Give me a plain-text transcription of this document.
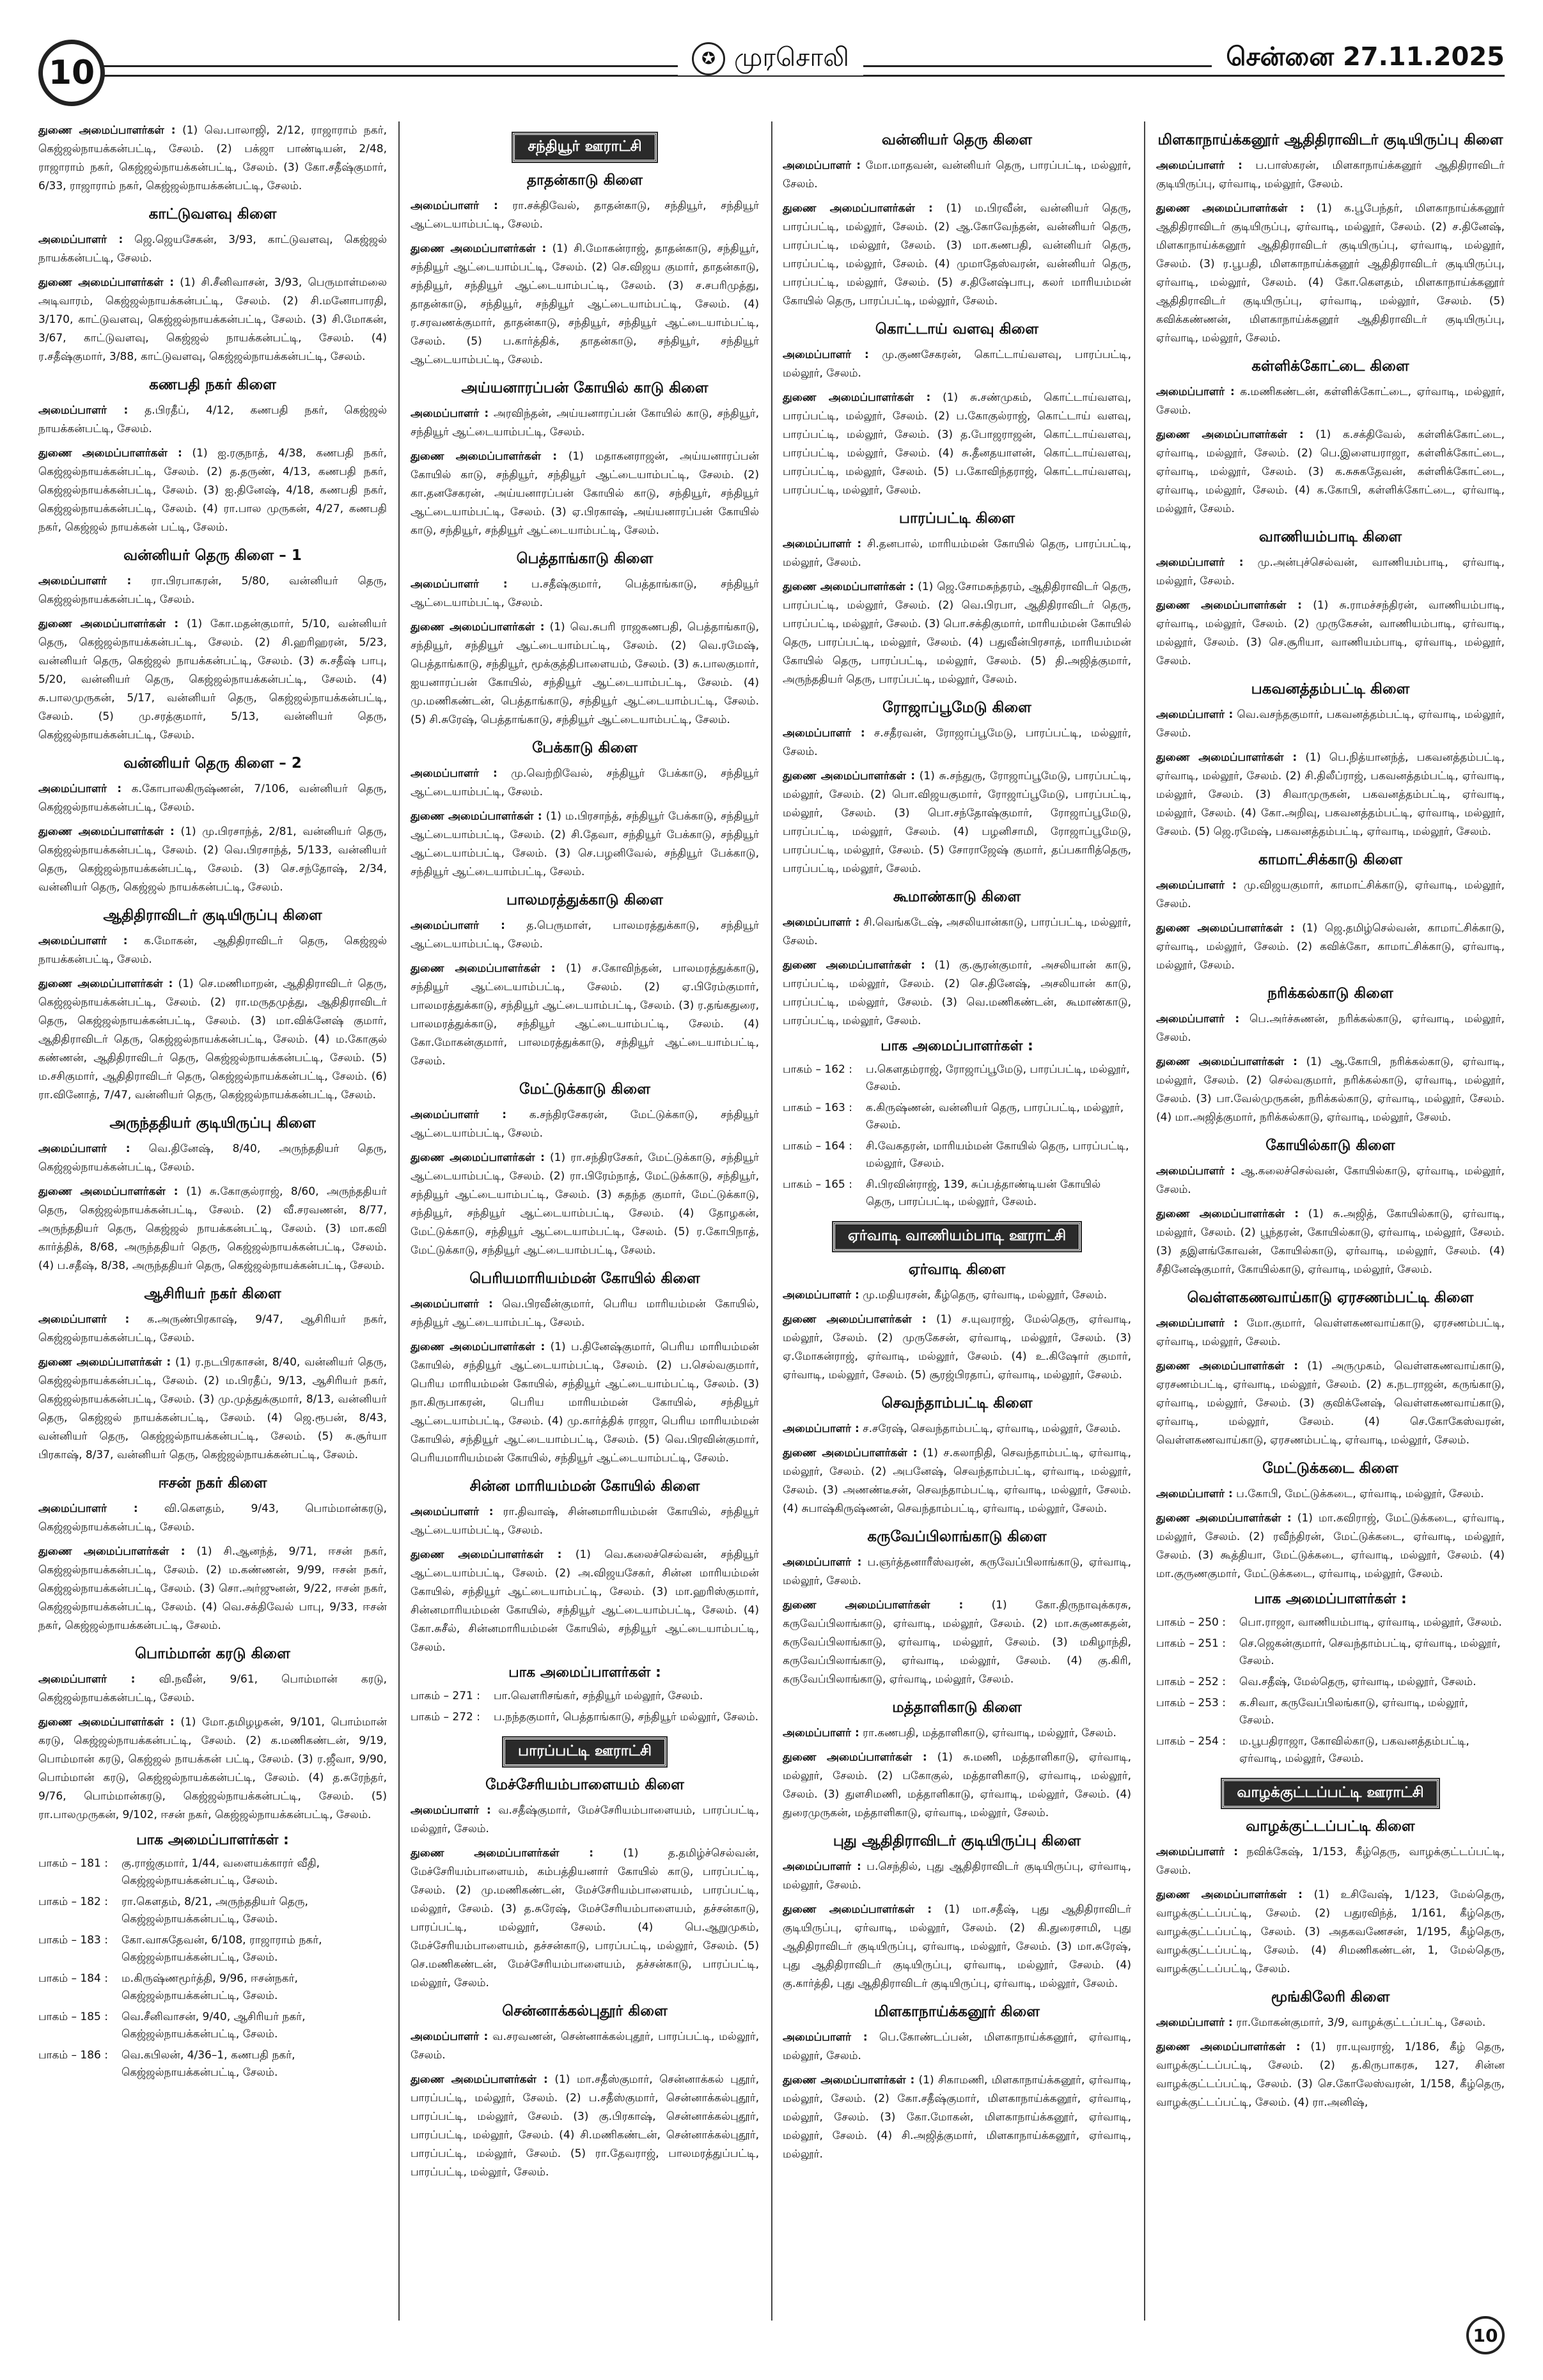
10	✪ முரசொலி	சென்னை 27.11.2025

துணை அமைப்பாளர்கள் : (1) வெ.பாலாஜி, 2/12, ராஜாராம் நகர், கெஜ்ஜல்நாயக்கன்பட்டி, சேலம். (2) பக்ஜா பாண்டியன், 2/48, ராஜாராம் நகர், கெஜ்ஜல்நாயக்கன்பட்டி, சேலம். (3) கோ.சதீஷ்குமார், 6/33, ராஜாராம் நகர், கெஜ்ஜல்நாயக்கன்பட்டி, சேலம்.

காட்டுவளவு கிளை

அமைப்பாளர் : ஜெ.ஜெயசேகன், 3/93, காட்டுவளவு, கெஜ்ஜல் நாயக்கன்பட்டி, சேலம்.

துணை அமைப்பாளர்கள் : (1) சி.சீனிவாசன், 3/93, பெருமாள்மலை அடிவாரம், கெஜ்ஜல்நாயக்கன்பட்டி, சேலம். (2) சி.மனோபாரதி, 3/170, காட்டுவளவு, கெஜ்ஜல்நாயக்கன்பட்டி, சேலம். (3) சி.மோகன், 3/67, காட்டுவளவு, கெஜ்ஜல் நாயக்கன்பட்டி, சேலம். (4) ர.சதீஷ்குமார், 3/88, காட்டுவளவு, கெஜ்ஜல்நாயக்கன்பட்டி, சேலம்.

கணபதி நகர் கிளை

அமைப்பாளர் : த.பிரதீப், 4/12, கணபதி நகர், கெஜ்ஜல் நாயக்கன்பட்டி, சேலம்.

துணை அமைப்பாளர்கள் : (1) ஐ.ரகுநாத், 4/38, கணபதி நகர், கெஜ்ஜல்நாயக்கன்பட்டி, சேலம். (2) த.தருண், 4/13, கணபதி நகர், கெஜ்ஜல்நாயக்கன்பட்டி, சேலம். (3) ஐ.தினேஷ், 4/18, கணபதி நகர், கெஜ்ஜல்நாயக்கன்பட்டி, சேலம். (4) ரா.பால முருகன், 4/27, கணபதி நகர், கெஜ்ஜல் நாயக்கன் பட்டி, சேலம்.

வன்னியர் தெரு கிளை – 1

அமைப்பாளர் : ரா.பிரபாகரன், 5/80, வன்னியர் தெரு, கெஜ்ஜல்நாயக்கன்பட்டி, சேலம்.

துணை அமைப்பாளர்கள் : (1) கோ.மதன்குமார், 5/10, வன்னியர் தெரு, கெஜ்ஜல்நாயக்கன்பட்டி, சேலம். (2) சி.ஹரிஹரன், 5/23, வன்னியர் தெரு, கெஜ்ஜல் நாயக்கன்பட்டி, சேலம். (3) சு.சதீஷ் பாபு, 5/20, வன்னியர் தெரு, கெஜ்ஜல்நாயக்கன்பட்டி, சேலம். (4) சு.பாலமுருகன், 5/17, வன்னியர் தெரு, கெஜ்ஜல்நாயக்கன்பட்டி, சேலம். (5) மு.சரத்குமார், 5/13, வன்னியர் தெரு, கெஜ்ஜல்நாயக்கன்பட்டி, சேலம்.

வன்னியர் தெரு கிளை – 2

அமைப்பாளர் : க.கோபாலகிருஷ்ணன், 7/106, வன்னியர் தெரு, கெஜ்ஜல்நாயக்கன்பட்டி, சேலம்.

துணை அமைப்பாளர்கள் : (1) மு.பிரசாந்த், 2/81, வன்னியர் தெரு, கெஜ்ஜல்நாயக்கன்பட்டி, சேலம். (2) வெ.பிரசாந்த், 5/133, வன்னியர் தெரு, கெஜ்ஜல்நாயக்கன்பட்டி, சேலம். (3) செ.சந்தோஷ், 2/34, வன்னியர் தெரு, கெஜ்ஜல் நாயக்கன்பட்டி, சேலம்.

ஆதிதிராவிடர் குடியிருப்பு கிளை

அமைப்பாளர் : க.மோகன், ஆதிதிராவிடர் தெரு, கெஜ்ஜல் நாயக்கன்பட்டி, சேலம்.

துணை அமைப்பாளர்கள் : (1) செ.மணிமாறன், ஆதிதிராவிடர் தெரு, கெஜ்ஜல்நாயக்கன்பட்டி, சேலம். (2) ரா.மருதமுத்து, ஆதிதிராவிடர் தெரு, கெஜ்ஜல்நாயக்கன்பட்டி, சேலம். (3) மா.விக்னேஷ் குமார், ஆதிதிராவிடர் தெரு, கெஜ்ஜல்நாயக்கன்பட்டி, சேலம். (4) ம.கோகுல் கண்ணன், ஆதிதிராவிடர் தெரு, கெஜ்ஜல்நாயக்கன்பட்டி, சேலம். (5) ம.சசிகுமார், ஆதிதிராவிடர் தெரு, கெஜ்ஜல்நாயக்கன்பட்டி, சேலம். (6) ரா.வினோத், 7/47, வன்னியர் தெரு, கெஜ்ஜல்நாயக்கன்பட்டி, சேலம்.

அருந்ததியர் குடியிருப்பு கிளை

அமைப்பாளர் : வெ.தினேஷ், 8/40, அருந்ததியர் தெரு, கெஜ்ஜல்நாயக்கன்பட்டி, சேலம்.

துணை அமைப்பாளர்கள் : (1) சு.கோகுல்ராஜ், 8/60, அருந்ததியர் தெரு, கெஜ்ஜல்நாயக்கன்பட்டி, சேலம். (2) வீ.சரவணன், 8/77, அருந்ததியர் தெரு, கெஜ்ஜல் நாயக்கன்பட்டி, சேலம். (3) மா.கவி கார்த்திக், 8/68, அருந்ததியர் தெரு, கெஜ்ஜல்நாயக்கன்பட்டி, சேலம். (4) ப.சதீஷ், 8/38, அருந்ததியர் தெரு, கெஜ்ஜல்நாயக்கன்பட்டி, சேலம்.

ஆசிரியர் நகர் கிளை

அமைப்பாளர் : க.அருண்பிரகாஷ், 9/47, ஆசிரியர் நகர், கெஜ்ஜல்நாயக்கன்பட்டி, சேலம்.

துணை அமைப்பாளர்கள் : (1) ர.நடபிரகாசன், 8/40, வன்னியர் தெரு, கெஜ்ஜல்நாயக்கன்பட்டி, சேலம். (2) ம.பிரதீப், 9/13, ஆசிரியர் நகர், கெஜ்ஜல்நாயக்கன்பட்டி, சேலம். (3) மு.முத்துக்குமார், 8/13, வன்னியர் தெரு, கெஜ்ஜல் நாயக்கன்பட்டி, சேலம். (4) ஜெ.ரூபன், 8/43, வன்னியர் தெரு, கெஜ்ஜல்நாயக்கன்பட்டி, சேலம். (5) சு.சூர்யா பிரகாஷ், 8/37, வன்னியர் தெரு, கெஜ்ஜல்நாயக்கன்பட்டி, சேலம்.

ஈசன் நகர் கிளை

அமைப்பாளர் : வி.கௌதம், 9/43, பொம்மான்கரடு, கெஜ்ஜல்நாயக்கன்பட்டி, சேலம்.

துணை அமைப்பாளர்கள் : (1) சி.ஆனந்த், 9/71, ஈசன் நகர், கெஜ்ஜல்நாயக்கன்பட்டி, சேலம். (2) ம.கண்ணன், 9/99, ஈசன் நகர், கெஜ்ஜல்நாயக்கன்பட்டி, சேலம். (3) சொ.அர்ஜுனன், 9/22, ஈசன் நகர், கெஜ்ஜல்நாயக்கன்பட்டி, சேலம். (4) வெ.சக்திவேல் பாபு, 9/33, ஈசன் நகர், கெஜ்ஜல்நாயக்கன்பட்டி, சேலம்.

பொம்மான் கரடு கிளை

அமைப்பாளர் : வி.நவீன், 9/61, பொம்மான் கரடு, கெஜ்ஜல்நாயக்கன்பட்டி, சேலம்.

துணை அமைப்பாளர்கள் : (1) மோ.தமிழழகன், 9/101, பொம்மான் கரடு, கெஜ்ஜல்நாயக்கன்பட்டி, சேலம். (2) க.மணிகண்டன், 9/19, பொம்மான் கரடு, கெஜ்ஜல் நாயக்கன் பட்டி, சேலம். (3) ர.ஜீவா, 9/90, பொம்மான் கரடு, கெஜ்ஜல்நாயக்கன்பட்டி, சேலம். (4) த.சுரேந்தர், 9/76, பொம்மான்கரடு, கெஜ்ஜல்நாயக்கன்பட்டி, சேலம். (5) ரா.பாலமுருகன், 9/102, ஈசன் நகர், கெஜ்ஜல்நாயக்கன்பட்டி, சேலம்.

பாக அமைப்பாளர்கள் :
பாகம் – 181 :	கு.ராஜ்குமார், 1/44, வளையக்காரர் வீதி, கெஜ்ஜல்நாயக்கன்பட்டி, சேலம்.
பாகம் – 182 :	ரா.கௌதம், 8/21, அருந்ததியர் தெரு, கெஜ்ஜல்நாயக்கன்பட்டி, சேலம்.
பாகம் – 183 :	கோ.வாசுதேவன், 6/108, ராஜாராம் நகர், கெஜ்ஜல்நாயக்கன்பட்டி, சேலம்.
பாகம் – 184 :	ம.கிருஷ்ணமூர்த்தி, 9/96, ஈசன்நகர், கெஜ்ஜல்நாயக்கன்பட்டி, சேலம்.
பாகம் – 185 :	வெ.சீனிவாசன், 9/40, ஆசிரியர் நகர், கெஜ்ஜல்நாயக்கன்பட்டி, சேலம்.
பாகம் – 186 :	வெ.கபிலன், 4/36–1, கணபதி நகர், கெஜ்ஜல்நாயக்கன்பட்டி, சேலம்.
சந்தியூர் ஊராட்சி
தாதன்காடு கிளை

அமைப்பாளர் : ரா.சக்திவேல், தாதன்காடு, சந்தியூர், சந்தியூர் ஆட்டையாம்பட்டி, சேலம்.

துணை அமைப்பாளர்கள் : (1) சி.மோகன்ராஜ், தாதன்காடு, சந்தியூர், சந்தியூர் ஆட்டையாம்பட்டி, சேலம். (2) செ.விஜய குமார், தாதன்காடு, சந்தியூர், சந்தியூர் ஆட்டையாம்பட்டி, சேலம். (3) ச.சபரிமுத்து, தாதன்காடு, சந்தியூர், சந்தியூர் ஆட்டையாம்பட்டி, சேலம். (4) ர.சரவணக்குமார், தாதன்காடு, சந்தியூர், சந்தியூர் ஆட்டையாம்பட்டி, சேலம். (5) ப.கார்த்திக், தாதன்காடு, சந்தியூர், சந்தியூர் ஆட்டையாம்பட்டி, சேலம்.

அய்யனாரப்பன் கோயில் காடு கிளை

அமைப்பாளர் : அரவிந்தன், அய்யனாரப்பன் கோயில் காடு, சந்தியூர், சந்தியூர் ஆட்டையாம்பட்டி, சேலம்.

துணை அமைப்பாளர்கள் : (1) மதாகனராஜன், அய்யனாரப்பன் கோயில் காடு, சந்தியூர், சந்தியூர் ஆட்டையாம்பட்டி, சேலம். (2) கா.தனசேகரன், அய்யனாரப்பன் கோயில் காடு, சந்தியூர், சந்தியூர் ஆட்டையாம்பட்டி, சேலம். (3) ஏ.பிரகாஷ், அய்யனாரப்பன் கோயில் காடு, சந்தியூர், சந்தியூர் ஆட்டையாம்பட்டி, சேலம்.

பெத்தாங்காடு கிளை

அமைப்பாளர் : ப.சதீஷ்குமார், பெத்தாங்காடு, சந்தியூர் ஆட்டையாம்பட்டி, சேலம்.

துணை அமைப்பாளர்கள் : (1) வெ.சுபரி ராஜகணபதி, பெத்தாங்காடு, சந்தியூர், சந்தியூர் ஆட்டையாம்பட்டி, சேலம். (2) வெ.ரமேஷ், பெத்தாங்காடு, சந்தியூர், மூக்குத்திபாளையம், சேலம். (3) சு.பாலகுமார், ஐயனாரப்பன் கோயில், சந்தியூர் ஆட்டையாம்பட்டி, சேலம். (4) மு.மணிகண்டன், பெத்தாங்காடு, சந்தியூர் ஆட்டையாம்பட்டி, சேலம். (5) சி.சுரேஷ், பெத்தாங்காடு, சந்தியூர் ஆட்டையாம்பட்டி, சேலம்.

பேக்காடு கிளை

அமைப்பாளர் : மு.வெற்றிவேல், சந்தியூர் பேக்காடு, சந்தியூர் ஆட்டையாம்பட்டி, சேலம்.

துணை அமைப்பாளர்கள் : (1) ம.பிரசாந்த், சந்தியூர் பேக்காடு, சந்தியூர் ஆட்டையாம்பட்டி, சேலம். (2) சி.தேவா, சந்தியூர் பேக்காடு, சந்தியூர் ஆட்டையாம்பட்டி, சேலம். (3) செ.பழனிவேல், சந்தியூர் பேக்காடு, சந்தியூர் ஆட்டையாம்பட்டி, சேலம்.

பாலமரத்துக்காடு கிளை

அமைப்பாளர் : த.பெருமாள், பாலமரத்துக்காடு, சந்தியூர் ஆட்டையாம்பட்டி, சேலம்.

துணை அமைப்பாளர்கள் : (1) ச.கோவிந்தன், பாலமரத்துக்காடு, சந்தியூர் ஆட்டையாம்பட்டி, சேலம். (2) ஏ.பிரேம்குமார், பாலமரத்துக்காடு, சந்தியூர் ஆட்டையாம்பட்டி, சேலம். (3) ர.தங்கதுரை, பாலமரத்துக்காடு, சந்தியூர் ஆட்டையாம்பட்டி, சேலம். (4) கோ.மோகன்குமார், பாலமரத்துக்காடு, சந்தியூர் ஆட்டையாம்பட்டி, சேலம்.

மேட்டுக்காடு கிளை

அமைப்பாளர் : க.சந்திரசேகரன், மேட்டுக்காடு, சந்தியூர் ஆட்டையாம்பட்டி, சேலம்.

துணை அமைப்பாளர்கள் : (1) ரா.சந்திரசேகர், மேட்டுக்காடு, சந்தியூர் ஆட்டையாம்பட்டி, சேலம். (2) ரா.பிரேம்நாத், மேட்டுக்காடு, சந்தியூர், சந்தியூர் ஆட்டையாம்பட்டி, சேலம். (3) சுதந்த குமார், மேட்டுக்காடு, சந்தியூர், சந்தியூர் ஆட்டையாம்பட்டி, சேலம். (4) தோழகன், மேட்டுக்காடு, சந்தியூர் ஆட்டையாம்பட்டி, சேலம். (5) ர.கோபிநாத், மேட்டுக்காடு, சந்தியூர் ஆட்டையாம்பட்டி, சேலம்.

பெரியமாரியம்மன் கோயில் கிளை

அமைப்பாளர் : வெ.பிரவீன்குமார், பெரிய மாரியம்மன் கோயில், சந்தியூர் ஆட்டையாம்பட்டி, சேலம்.

துணை அமைப்பாளர்கள் : (1) ப.தினேஷ்குமார், பெரிய மாரியம்மன் கோயில், சந்தியூர் ஆட்டையாம்பட்டி, சேலம். (2) ப.செல்வகுமார், பெரிய மாரியம்மன் கோயில், சந்தியூர் ஆட்டையாம்பட்டி, சேலம். (3) நா.கிருபாகரன், பெரிய மாரியம்மன் கோயில், சந்தியூர் ஆட்டையாம்பட்டி, சேலம். (4) மு.கார்த்திக் ராஜா, பெரிய மாரியம்மன் கோயில், சந்தியூர் ஆட்டையாம்பட்டி, சேலம். (5) வெ.பிரவின்குமார், பெரியமாரியம்மன் கோயில், சந்தியூர் ஆட்டையாம்பட்டி, சேலம்.

சின்ன மாரியம்மன் கோயில் கிளை

அமைப்பாளர் : ரா.திவாஷ், சின்னமாரியம்மன் கோயில், சந்தியூர் ஆட்டையாம்பட்டி, சேலம்.

துணை அமைப்பாளர்கள் : (1) வெ.கலைச்செல்வன், சந்தியூர் ஆட்டையாம்பட்டி, சேலம். (2) அ.விஜயசேகர், சின்ன மாரியம்மன் கோயில், சந்தியூர் ஆட்டையாம்பட்டி, சேலம். (3) மா.ஹரிஸ்குமார், சின்னமாரியம்மன் கோயில், சந்தியூர் ஆட்டையாம்பட்டி, சேலம். (4) கோ.சுசீல், சின்னமாரியம்மன் கோயில், சந்தியூர் ஆட்டையாம்பட்டி, சேலம்.

பாக அமைப்பாளர்கள் :
பாகம் – 271 :	பா.வெளரிசங்கர், சந்தியூர் மல்லூர், சேலம்.
பாகம் – 272 :	ப.நந்தகுமார், பெத்தாங்காடு, சந்தியூர் மல்லூர், சேலம்.
பாரப்பட்டி ஊராட்சி
மேச்சேரியம்பாளையம் கிளை

அமைப்பாளர் : வ.சதீஷ்குமார், மேச்சேரியம்பாளையம், பாரப்பட்டி, மல்லூர், சேலம்.

துணை அமைப்பாளர்கள் : (1) த.தமிழ்ச்செல்வன், மேச்சேரியம்பாளையம், கம்பத்தியனார் கோயில் காடு, பாரப்பட்டி, சேலம். (2) மு.மணிகண்டன், மேச்சேரியம்பாளையம், பாரப்பட்டி, மல்லூர், சேலம். (3) த.சுரேஷ், மேச்சேரியம்பாளையம், தச்சன்காடு, பாரப்பட்டி, மல்லூர், சேலம். (4) பெ.ஆறுமுகம், மேச்சேரியம்பாளையம், தச்சன்காடு, பாரப்பட்டி, மல்லூர், சேலம். (5) செ.மணிகண்டன், மேச்சேரியம்பாளையம், தச்சன்காடு, பாரப்பட்டி, மல்லூர், சேலம்.

சென்னாக்கல்புதூர் கிளை

அமைப்பாளர் : வ.சரவணன், சென்னாக்கல்புதூர், பாரப்பட்டி, மல்லூர், சேலம்.

துணை அமைப்பாளர்கள் : (1) மா.சதீஸ்குமார், சென்னாக்கல் புதூர், பாரப்பட்டி, மல்லூர், சேலம். (2) ப.சதீஸ்குமார், சென்னாக்கல்புதூர், பாரப்பட்டி, மல்லூர், சேலம். (3) கு.பிரகாஷ், சென்னாக்கல்புதூர், பாரப்பட்டி, மல்லூர், சேலம். (4) சி.மணிகண்டன், சென்னாக்கல்புதூர், பாரப்பட்டி, மல்லூர், சேலம். (5) ரா.தேவராஜ், பாலமரத்துப்பட்டி, பாரப்பட்டி, மல்லூர், சேலம்.

வன்னியர் தெரு கிளை

அமைப்பாளர் : மோ.மாதவன், வன்னியர் தெரு, பாரப்பட்டி, மல்லூர், சேலம்.

துணை அமைப்பாளர்கள் : (1) ம.பிரவீன், வன்னியர் தெரு, பாரப்பட்டி, மல்லூர், சேலம். (2) ஆ.கோவேந்தன், வன்னியர் தெரு, பாரப்பட்டி, மல்லூர், சேலம். (3) மா.கணபதி, வன்னியர் தெரு, பாரப்பட்டி, மல்லூர், சேலம். (4) முமாதேஸ்வரன், வன்னியர் தெரு, பாரப்பட்டி, மல்லூர், சேலம். (5) ச.தினேஷ்பாபு, கலர் மாரியம்மன் கோயில் தெரு, பாரப்பட்டி, மல்லூர், சேலம்.

கொட்டாய் வளவு கிளை

அமைப்பாளர் : மு.குணசேகரன், கொட்டாய்வளவு, பாரப்பட்டி, மல்லூர், சேலம்.

துணை அமைப்பாளர்கள் : (1) சு.சண்முகம், கொட்டாய்வளவு, பாரப்பட்டி, மல்லூர், சேலம். (2) ப.கோகுல்ராஜ், கொட்டாய் வளவு, பாரப்பட்டி, மல்லூர், சேலம். (3) த.போஜராஜன், கொட்டாய்வளவு, பாரப்பட்டி, மல்லூர், சேலம். (4) சு.தீனதயாளன், கொட்டாய்வளவு, பாரப்பட்டி, மல்லூர், சேலம். (5) ப.கோவிந்தராஜ், கொட்டாய்வளவு, பாரப்பட்டி, மல்லூர், சேலம்.

பாரப்பட்டி கிளை

அமைப்பாளர் : சி.தனபால், மாரியம்மன் கோயில் தெரு, பாரப்பட்டி, மல்லூர், சேலம்.

துணை அமைப்பாளர்கள் : (1) ஜெ.சோமசுந்தரம், ஆதிதிராவிடர் தெரு, பாரப்பட்டி, மல்லூர், சேலம். (2) வெ.பிரபா, ஆதிதிராவிடர் தெரு, பாரப்பட்டி, மல்லூர், சேலம். (3) பொ.சக்திகுமார், மாரியம்மன் கோயில் தெரு, பாரப்பட்டி, மல்லூர், சேலம். (4) பதுவீன்பிரசாத், மாரியம்மன் கோயில் தெரு, பாரப்பட்டி, மல்லூர், சேலம். (5) தி.அஜித்குமார், அருந்ததியர் தெரு, பாரப்பட்டி, மல்லூர், சேலம்.

ரோஜாப்பூமேடு கிளை

அமைப்பாளர் : ச.சதீரவன், ரோஜாப்பூமேடு, பாரப்பட்டி, மல்லூர், சேலம்.

துணை அமைப்பாளர்கள் : (1) சு.சந்துரு, ரோஜாப்பூமேடு, பாரப்பட்டி, மல்லூர், சேலம். (2) பொ.விஜயகுமார், ரோஜாப்பூமேடு, பாரப்பட்டி, மல்லூர், சேலம். (3) பொ.சந்தோஷ்குமார், ரோஜாப்பூமேடு, பாரப்பட்டி, மல்லூர், சேலம். (4) பழனிசாமி, ரோஜாப்பூமேடு, பாரப்பட்டி, மல்லூர், சேலம். (5) சோராஜேஷ் குமார், தப்பகாரித்தெரு, பாரப்பட்டி, மல்லூர், சேலம்.

கூமாண்காடு கிளை

அமைப்பாளர் : சி.வெங்கடேஷ், அசலியான்காடு, பாரப்பட்டி, மல்லூர், சேலம்.

துணை அமைப்பாளர்கள் : (1) கு.சூரன்குமார், அசலியான் காடு, பாரப்பட்டி, மல்லூர், சேலம். (2) செ.தினேஷ், அசலியான் காடு, பாரப்பட்டி, மல்லூர், சேலம். (3) வெ.மணிகண்டன், கூமாண்காடு, பாரப்பட்டி, மல்லூர், சேலம்.

பாக அமைப்பாளர்கள் :
பாகம் – 162 :	ப.கௌதம்ராஜ், ரோஜாப்பூமேடு, பாரப்பட்டி, மல்லூர், சேலம்.
பாகம் – 163 :	க.கிருஷ்ணன், வன்னியர் தெரு, பாரப்பட்டி, மல்லூர், சேலம்.
பாகம் – 164 :	சி.வேகதரன், மாரியம்மன் கோயில் தெரு, பாரப்பட்டி, மல்லூர், சேலம்.
பாகம் – 165 :	சி.பிரவின்ராஜ், 139, சுப்பத்தாண்டியன் கோயில் தெரு, பாரப்பட்டி, மல்லூர், சேலம்.
ஏர்வாடி வாணியம்பாடி ஊராட்சி
ஏர்வாடி கிளை

அமைப்பாளர் : மு.மதியரசன், கீழ்தெரு, ஏர்வாடி, மல்லூர், சேலம்.

துணை அமைப்பாளர்கள் : (1) ச.யுவராஜ், மேல்தெரு, ஏர்வாடி, மல்லூர், சேலம். (2) முருகேசன், ஏர்வாடி, மல்லூர், சேலம். (3) ஏ.மோகன்ராஜ், ஏர்வாடி, மல்லூர், சேலம். (4) உ.கிஷோர் குமார், ஏர்வாடி, மல்லூர், சேலம். (5) சூரஜ்பிரதாப், ஏர்வாடி, மல்லூர், சேலம்.

செவந்தாம்பட்டி கிளை

அமைப்பாளர் : ச.சரேஷ், செவந்தாம்பட்டி, ஏர்வாடி, மல்லூர், சேலம்.

துணை அமைப்பாளர்கள் : (1) ச.கலாநிதி, செவந்தாம்பட்டி, ஏர்வாடி, மல்லூர், சேலம். (2) அபனேஷ், செவந்தாம்பட்டி, ஏர்வாடி, மல்லூர், சேலம். (3) அணண்டீசன், செவந்தாம்பட்டி, ஏர்வாடி, மல்லூர், சேலம். (4) சுபாஷ்கிருஷ்ணன், செவந்தாம்பட்டி, ஏர்வாடி, மல்லூர், சேலம்.

கருவேப்பிலாங்காடு கிளை

அமைப்பாளர் : ப.ஞர்த்தனாரீஸ்வரன், கருவேப்பிலாங்காடு, ஏர்வாடி, மல்லூர், சேலம்.

துணை அமைப்பாளர்கள் : (1) கோ.திருநாவுக்கரசு, கருவேப்பிலாங்காடு, ஏர்வாடி, மல்லூர், சேலம். (2) மா.சுகுணசுதன், கருவேப்பிலாங்காடு, ஏர்வாடி, மல்லூர், சேலம். (3) மகிழாந்தி, கருவேப்பிலாங்காடு, ஏர்வாடி, மல்லூர், சேலம். (4) கு.கிரி, கருவேப்பிலாங்காடு, ஏர்வாடி, மல்லூர், சேலம்.

மத்தாளிகாடு கிளை

அமைப்பாளர் : ரா.கணபதி, மத்தாளிகாடு, ஏர்வாடி, மல்லூர், சேலம்.

துணை அமைப்பாளர்கள் : (1) சு.மணி, மத்தாளிகாடு, ஏர்வாடி, மல்லூர், சேலம். (2) பகோகுல், மத்தாளிகாடு, ஏர்வாடி, மல்லூர், சேலம். (3) துளசிமணி, மத்தாளிகாடு, ஏர்வாடி, மல்லூர், சேலம். (4) துரைமுருகன், மத்தாளிகாடு, ஏர்வாடி, மல்லூர், சேலம்.

புது ஆதிதிராவிடர் குடியிருப்பு கிளை

அமைப்பாளர் : ப.செந்தில், புது ஆதிதிராவிடர் குடியிருப்பு, ஏர்வாடி, மல்லூர், சேலம்.

துணை அமைப்பாளர்கள் : (1) மா.சதீஷ், புது ஆதிதிராவிடர் குடியிருப்பு, ஏர்வாடி, மல்லூர், சேலம். (2) கி.துரைசாமி, புது ஆதிதிராவிடர் குடியிருப்பு, ஏர்வாடி, மல்லூர், சேலம். (3) மா.சுரேஷ், புது ஆதிதிராவிடர் குடியிருப்பு, ஏர்வாடி, மல்லூர், சேலம். (4) கு.கார்த்தி, புது ஆதிதிராவிடர் குடியிருப்பு, ஏர்வாடி, மல்லூர், சேலம்.

மிளகாநாய்க்கனூர் கிளை

அமைப்பாளர் : பெ.கோண்டப்பன், மிளகாநாய்க்கனூர், ஏர்வாடி, மல்லூர், சேலம்.

துணை அமைப்பாளர்கள் : (1) சிகாமணி, மிளகாநாய்க்கனூர், ஏர்வாடி, மல்லூர், சேலம். (2) கோ.சதீஷ்குமார், மிளகாநாய்க்கனூர், ஏர்வாடி, மல்லூர், சேலம். (3) கோ.மோகன், மிளகாநாய்க்கனூர், ஏர்வாடி, மல்லூர், சேலம். (4) சி.அஜித்குமார், மிளகாநாய்க்கனூர், ஏர்வாடி, மல்லூர்.

மிளகாநாய்க்கனூர் ஆதிதிராவிடர் குடியிருப்பு கிளை

அமைப்பாளர் : ப.பாஸ்கரன், மிளகாநாய்க்கனூர் ஆதிதிராவிடர் குடியிருப்பு, ஏர்வாடி, மல்லூர், சேலம்.

துணை அமைப்பாளர்கள் : (1) க.பூபேந்தர், மிளகாநாய்க்கனூர் ஆதிதிராவிடர் குடியிருப்பு, ஏர்வாடி, மல்லூர், சேலம். (2) ச.தினேஷ், மிளகாநாய்க்கனூர் ஆதிதிராவிடர் குடியிருப்பு, ஏர்வாடி, மல்லூர், சேலம். (3) ர.பூபதி, மிளகாநாய்க்கனூர் ஆதிதிராவிடர் குடியிருப்பு, ஏர்வாடி, மல்லூர், சேலம். (4) கோ.கௌதம், மிளகாநாய்க்கனூர் ஆதிதிராவிடர் குடியிருப்பு, ஏர்வாடி, மல்லூர், சேலம். (5) கவிக்கண்ணன், மிளகாநாய்க்கனூர் ஆதிதிராவிடர் குடியிருப்பு, ஏர்வாடி, மல்லூர், சேலம்.

கள்ளிக்கோட்டை கிளை

அமைப்பாளர் : க.மணிகண்டன், கள்ளிக்கோட்டை, ஏர்வாடி, மல்லூர், சேலம்.

துணை அமைப்பாளர்கள் : (1) க.சக்திவேல், கள்ளிக்கோட்டை, ஏர்வாடி, மல்லூர், சேலம். (2) பெ.இளையராஜா, கள்ளிக்கோட்டை, ஏர்வாடி, மல்லூர், சேலம். (3) க.சுசுகதேவன், கள்ளிக்கோட்டை, ஏர்வாடி, மல்லூர், சேலம். (4) க.கோபி, கள்ளிக்கோட்டை, ஏர்வாடி, மல்லூர், சேலம்.

வாணியம்பாடி கிளை

அமைப்பாளர் : மு.அன்புச்செல்வன், வாணியம்பாடி, ஏர்வாடி, மல்லூர், சேலம்.

துணை அமைப்பாளர்கள் : (1) சு.ராமச்சந்திரன், வாணியம்பாடி, ஏர்வாடி, மல்லூர், சேலம். (2) முருகேசன், வாணியம்பாடி, ஏர்வாடி, மல்லூர், சேலம். (3) செ.சூரியா, வாணியம்பாடி, ஏர்வாடி, மல்லூர், சேலம்.

பகவனத்தம்பட்டி கிளை

அமைப்பாளர் : வெ.வசந்தகுமார், பகவனத்தம்பட்டி, ஏர்வாடி, மல்லூர், சேலம்.

துணை அமைப்பாளர்கள் : (1) பெ.நித்யானந்த், பகவனத்தம்பட்டி, ஏர்வாடி, மல்லூர், சேலம். (2) சி.திலீப்ராஜ், பகவனத்தம்பட்டி, ஏர்வாடி, மல்லூர், சேலம். (3) சிவாமுருகன், பகவனத்தம்பட்டி, ஏர்வாடி, மல்லூர், சேலம். (4) கோ.அறிவு, பகவனத்தம்பட்டி, ஏர்வாடி, மல்லூர், சேலம். (5) ஜெ.ரமேஷ், பகவனத்தம்பட்டி, ஏர்வாடி, மல்லூர், சேலம்.

காமாட்சிக்காடு கிளை

அமைப்பாளர் : மு.விஜயகுமார், காமாட்சிக்காடு, ஏர்வாடி, மல்லூர், சேலம்.

துணை அமைப்பாளர்கள் : (1) ஜெ.தமிழ்செல்வன், காமாட்சிக்காடு, ஏர்வாடி, மல்லூர், சேலம். (2) கவிக்கோ, காமாட்சிக்காடு, ஏர்வாடி, மல்லூர், சேலம்.

நரிக்கல்காடு கிளை

அமைப்பாளர் : பெ.அர்ச்சுணன், நரிக்கல்காடு, ஏர்வாடி, மல்லூர், சேலம்.

துணை அமைப்பாளர்கள் : (1) ஆ.கோபி, நரிக்கல்காடு, ஏர்வாடி, மல்லூர், சேலம். (2) செல்வகுமார், நரிக்கல்காடு, ஏர்வாடி, மல்லூர், சேலம். (3) பா.வேல்முருகன், நரிக்கல்காடு, ஏர்வாடி, மல்லூர், சேலம். (4) மா.அஜித்குமார், நரிக்கல்காடு, ஏர்வாடி, மல்லூர், சேலம்.

கோயில்காடு கிளை

அமைப்பாளர் : ஆ.கலைச்செல்வன், கோயில்காடு, ஏர்வாடி, மல்லூர், சேலம்.

துணை அமைப்பாளர்கள் : (1) சு.அஜித், கோயில்காடு, ஏர்வாடி, மல்லூர், சேலம். (2) பூந்தரன், கோயில்காடு, ஏர்வாடி, மல்லூர், சேலம். (3) தஇளங்கோவன், கோயில்காடு, ஏர்வாடி, மல்லூர், சேலம். (4) சீதினேஷ்குமார், கோயில்காடு, ஏர்வாடி, மல்லூர், சேலம்.

வெள்ளகணவாய்காடு ஏரசணம்பட்டி கிளை

அமைப்பாளர் : மோ.குமார், வெள்ளகணவாய்காடு, ஏரசணம்பட்டி, ஏர்வாடி, மல்லூர், சேலம்.

துணை அமைப்பாளர்கள் : (1) அருமுகம், வெள்ளகணவாய்காடு, ஏரசணம்பட்டி, ஏர்வாடி, மல்லூர், சேலம். (2) க.நடராஜன், கருங்காடு, ஏர்வாடி, மல்லூர், சேலம். (3) குவிக்னேஷ், வெள்ளகணவாய்காடு, ஏர்வாடி, மல்லூர், சேலம். (4) செ.கோகேஸ்வரன், வெள்ளகணவாய்காடு, ஏரசணம்பட்டி, ஏர்வாடி, மல்லூர், சேலம்.

மேட்டுக்கடை கிளை

அமைப்பாளர் : ப.கோபி, மேட்டுக்கடை, ஏர்வாடி, மல்லூர், சேலம்.

துணை அமைப்பாளர்கள் : (1) மா.கவிராஜ், மேட்டுக்கடை, ஏர்வாடி, மல்லூர், சேலம். (2) ரவீந்திரன், மேட்டுக்கடை, ஏர்வாடி, மல்லூர், சேலம். (3) கூத்தியா, மேட்டுக்கடை, ஏர்வாடி, மல்லூர், சேலம். (4) மா.குருணகுமார், மேட்டுக்கடை, ஏர்வாடி, மல்லூர், சேலம்.

பாக அமைப்பாளர்கள் :
பாகம் – 250 :	பொ.ராஜா, வாணியம்பாடி, ஏர்வாடி, மல்லூர், சேலம்.
பாகம் – 251 :	செ.ஜெகன்குமார், செவந்தாம்பட்டி, ஏர்வாடி, மல்லூர், சேலம்.
பாகம் – 252 :	வெ.சதீஷ், மேல்தெரு, ஏர்வாடி, மல்லூர், சேலம்.
பாகம் – 253 :	க.சிவா, கருவேப்பிலங்காடு, ஏர்வாடி, மல்லூர், சேலம்.
பாகம் – 254 :	ம.பூபதிராஜா, கோவில்காடு, பகவனத்தம்பட்டி, ஏர்வாடி, மல்லூர், சேலம்.
வாழக்குட்டப்பட்டி ஊராட்சி
வாழக்குட்டப்பட்டி கிளை

அமைப்பாளர் : நவிக்கேஷ், 1/153, கீழ்தெரு, வாழக்குட்டப்பட்டி, சேலம்.

துணை அமைப்பாளர்கள் : (1) உசிவேஷ், 1/123, மேல்தெரு, வாழக்குட்டப்பட்டி, சேலம். (2) பதுரவிந்த், 1/161, கீழ்தெரு, வாழக்குட்டப்பட்டி, சேலம். (3) அதகவணேசன், 1/195, கீழ்தெரு, வாழக்குட்டப்பட்டி, சேலம். (4) சிமணிகண்டன், 1, மேல்தெரு, வாழக்குட்டப்பட்டி, சேலம்.

மூங்கிலேரி கிளை

அமைப்பாளர் : ரா.மோகன்குமார், 3/9, வாழக்குட்டப்பட்டி, சேலம்.

துணை அமைப்பாளர்கள் : (1) ரா.யுவராஜ், 1/186, கீழ் தெரு, வாழக்குட்டப்பட்டி, சேலம். (2) த.கிருபாகரசு, 127, சின்ன வாழக்குட்டப்பட்டி, சேலம். (3) செ.கோலேஸ்வரன், 1/158, கீழ்தெரு, வாழக்குட்டப்பட்டி, சேலம். (4) ரா.அனிஷ்,

10
